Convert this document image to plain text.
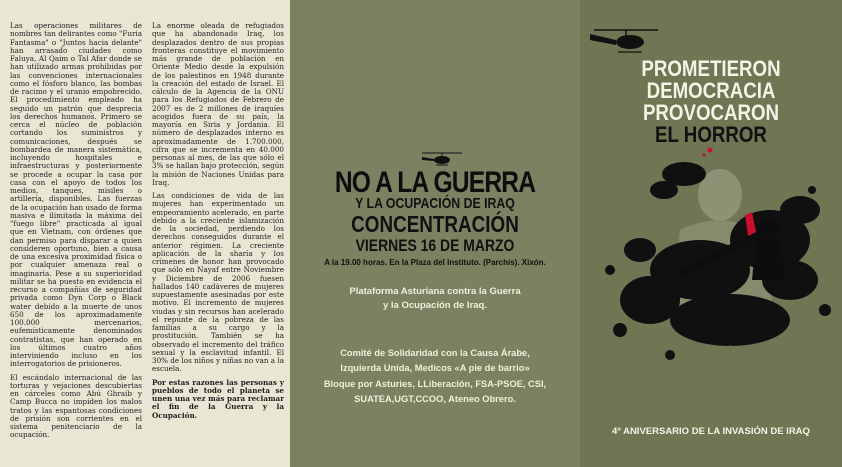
Las operaciones militares de nombres tan delirantes como "Furia Fantasma" o "Juntos hacia delante" han arrasado ciudades como Faluya, Al Qaim o Tal Afar donde se han utilizado armas prohibidas por las convenciones internacionales como el fósforo blanco, las bombas de racimo y el uranio empobrecido. El procedimiento empleado ha seguido un patrón que desprecia los derechos humanos. Primero se cerca el núcleo de población cortando los suministros y comunicaciones, después se bombardea de manera sistemática, incluyendo hospitales e infraestructuras y posteriormente se procede a ocupar la casa por casa con el apoyo de todos los medios, tanques, misiles o artillería, disponibles. Las fuerzas de la ocupación han usado de forma masiva e ilimitada la máxima del "fuego libre" practicada al igual que en Vietnam, con órdenes que dan permiso para disparar a quien consideren oportuno, bien a causa de una excesiva proximidad física o por cualquier amenaza real o imaginaria. Pese a su superioridad militar se ha puesto en evidencia el recurso a compañías de seguridad privada como Dyn Corp o Black water debido a la muerte de unos 650 de los aproximadamente 100.000 mercenarios, eufemísticamente denominados contratistas, que han operado en los últimos cuatro años interviniendo incluso en los interrogatorios de prisioneros.

El escándalo internacional de las torturas y vejaciones descubiertas en cárceles como Abú Ghraib y Camp Bucca no impiden los malos tratos y las espantosas condiciones de prisión son corrientes en el sistema penitenciario de la ocupación.

La enorme oleada de refugiados que ha abandonado Iraq, los desplazados dentro de sus propias fronteras constituye el movimiento más grande de población en Oriente Medio desde la expulsión de los palestinos en 1948 durante la creación del estado de Israel. El cálculo de la Agencia de la ONU para los Refugiados de Febrero de 2007 es de 2 millones de iraquíes acogidos fuera de su país, la mayoría en Siria y Jordania. El número de desplazados interno es aproximadamente de 1.700.000, cifra que se incrementa en 40.000 personas al mes, de las que sólo el 3% se hallan bajo protección, según la misión de Naciones Unidas para Iraq.

Las condiciones de vida de las mujeres han experimentado un empeoramiento acelerado, en parte debido a la creciente islamización de la sociedad, perdiendo los derechos conseguidos durante el anterior régimen. La creciente aplicación de la sharía y los crímenes de honor han provocado que sólo en Nayaf entre Noviembre y Diciembre de 2006 fuesen hallados 140 cadáveres de mujeres supuestamente asesinadas por este motivo. El incremento de mujeres viudas y sin recursos han acelerado el repunte de la pobreza de las familias a su cargo y la prostitución. También se ha observado el incremento del tráfico sexual y la esclavitud infantil. El 30% de los niños y niñas no van a la escuela.

Por estas razones las personas y pueblos de todo el planeta se unen una vez más para reclamar el fin de la Guerra y la Ocupación.

NO A LA GUERRA
Y LA OCUPACIÓN DE IRAQ
CONCENTRACIÓN
VIERNES 16 DE MARZO
A la 19.00 horas. En la Plaza del Instituto. (Parchís). Xixón.
Plataforma Asturiana contra la Guerra
y la Ocupación de Iraq.
Comité de Solidaridad con la Causa Árabe,
Izquierda Unida, Medicos «A pie de barrio»
Bloque por Asturies, LLiberación, FSA-PSOE, CSI,
SUATEA,UGT,CCOO, Ateneo Obrero.
PROMETIERON
DEMOCRACIA
PROVOCARON
EL HORROR
4º ANIVERSARIO DE LA INVASIÓN DE IRAQ
